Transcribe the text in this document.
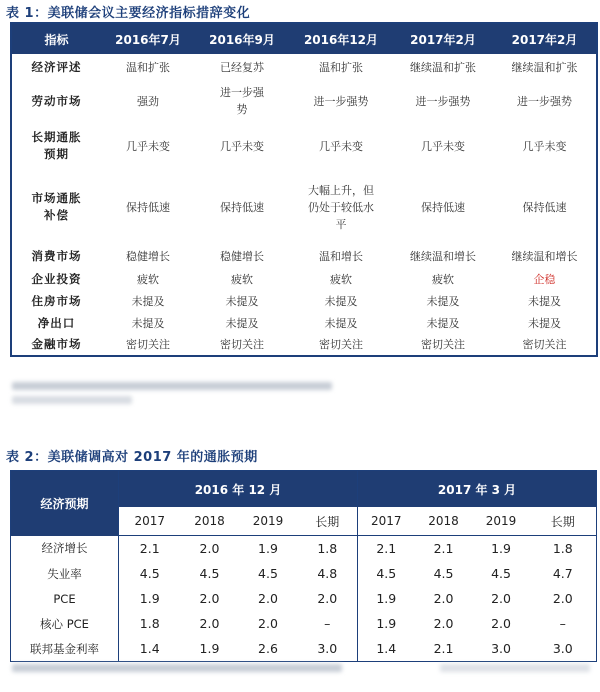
表 1：美联储会议主要经济指标措辞变化
指标	2016年7月	2016年9月	2016年12月	2017年2月	2017年2月
经济评述	温和扩张	已经复苏	温和扩张	继续温和扩张	继续温和扩张
劳动市场	强劲	进一步强势	进一步强势	进一步强势	进一步强势
长期通胀预期	几乎未变	几乎未变	几乎未变	几乎未变	几乎未变
市场通胀补偿	保持低速	保持低速	大幅上升，但仍处于较低水平	保持低速	保持低速
消费市场	稳健增长	稳健增长	温和增长	继续温和增长	继续温和增长
企业投资	疲软	疲软	疲软	疲软	企稳
住房市场	未提及	未提及	未提及	未提及	未提及
净出口	未提及	未提及	未提及	未提及	未提及
金融市场	密切关注	密切关注	密切关注	密切关注	密切关注
表 2：美联储调高对 2017 年的通胀预期
经济预期	2016 年 12 月				2017 年 3 月			
	2017	2018	2019	长期	2017	2018	2019	长期
经济增长	2.1	2.0	1.9	1.8	2.1	2.1	1.9	1.8
失业率	4.5	4.5	4.5	4.8	4.5	4.5	4.5	4.7
PCE	1.9	2.0	2.0	2.0	1.9	2.0	2.0	2.0
核心 PCE	1.8	2.0	2.0	–	1.9	2.0	2.0	–
联邦基金利率	1.4	1.9	2.6	3.0	1.4	2.1	3.0	3.0
